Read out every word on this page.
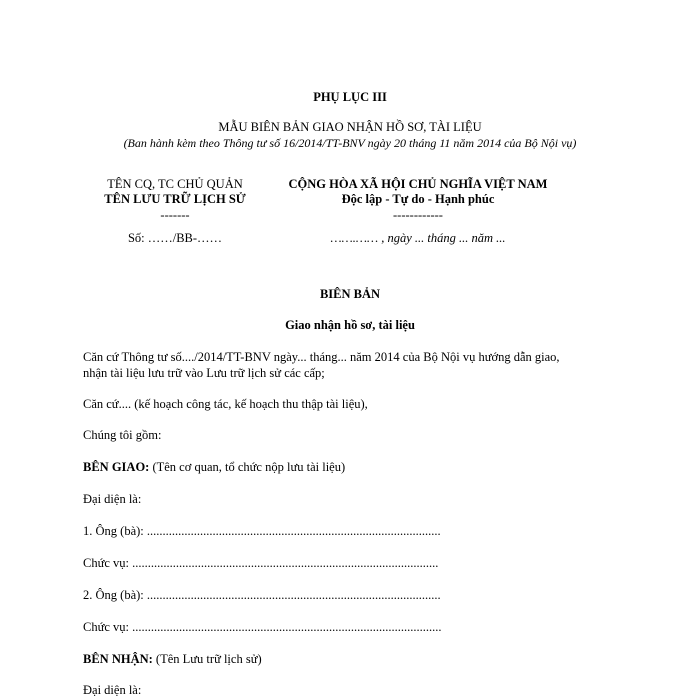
PHỤ LỤC III
MẪU BIÊN BẢN GIAO NHẬN HỒ SƠ, TÀI LIỆU
(Ban hành kèm theo Thông tư số 16/2014/TT-BNV ngày 20 tháng 11 năm 2014 của Bộ Nội vụ)
TÊN CQ, TC CHỦ QUẢN
TÊN LƯU TRỮ LỊCH SỬ
-------
Số: ……/BB-……
CỘNG HÒA XÃ HỘI CHỦ NGHĨA VIỆT NAM
Độc lập - Tự do - Hạnh phúc
------------
…….…… , ngày ... tháng ... năm ...
BIÊN BẢN
Giao nhận hồ sơ, tài liệu
Căn cứ Thông tư số..../2014/TT-BNV ngày... tháng... năm 2014 của Bộ Nội vụ hướng dẫn giao,
nhận tài liệu lưu trữ vào Lưu trữ lịch sử các cấp;
Căn cứ.... (kế hoạch công tác, kế hoạch thu thập tài liệu),
Chúng tôi gồm:
BÊN GIAO: (Tên cơ quan, tổ chức nộp lưu tài liệu)
Đại diện là:
1. Ông (bà): ..............................................................................................
Chức vụ: ..................................................................................................
2. Ông (bà): ..............................................................................................
Chức vụ: ...................................................................................................
BÊN NHẬN: (Tên Lưu trữ lịch sử)
Đại diện là:
